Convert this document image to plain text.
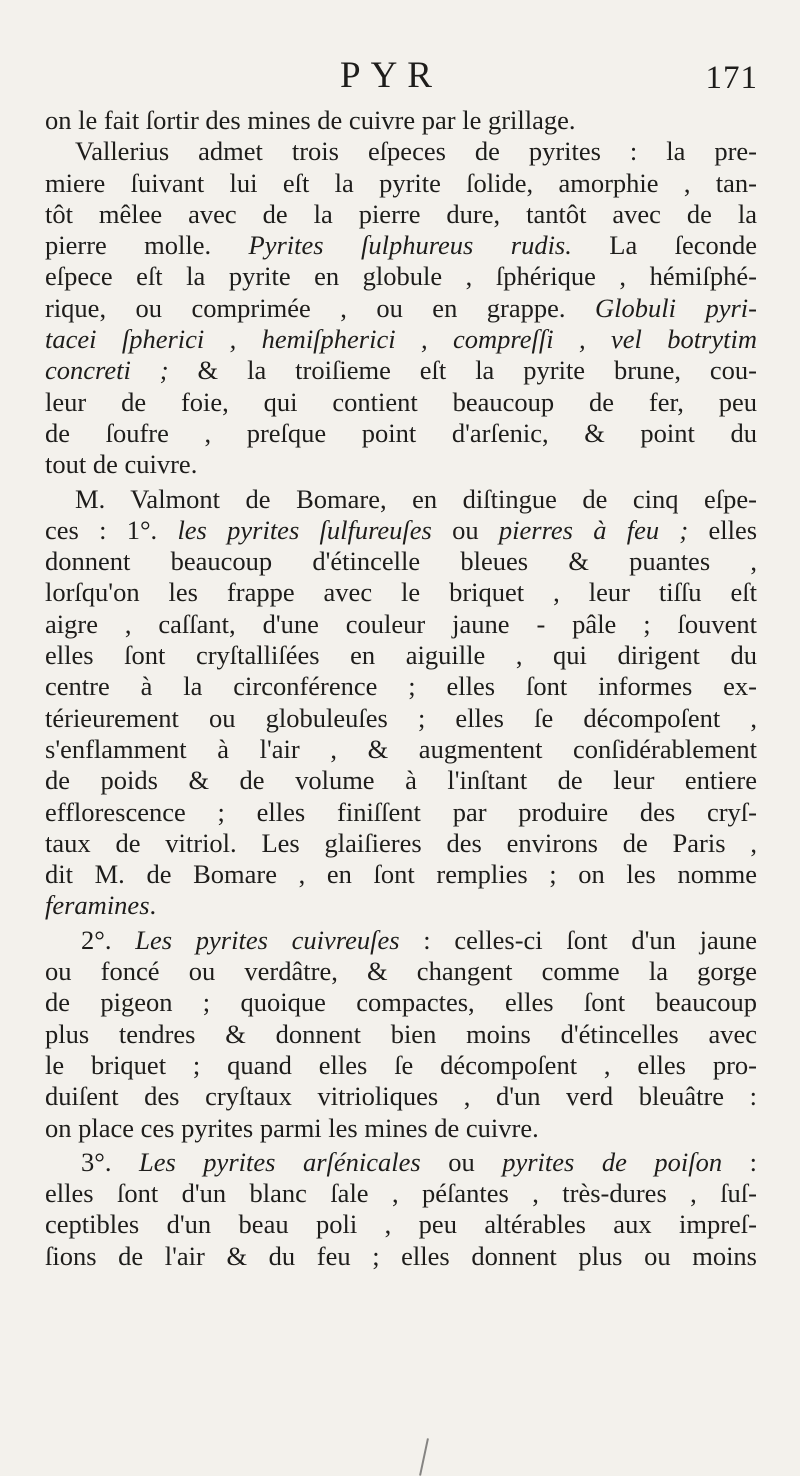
PYR	171
on le fait ſortir des mines de cuivre par le grillage.
Vallerius admet trois eſpeces de pyrites : la pre-
miere ſuivant lui eſt la pyrite ſolide, amorphie , tan-
tôt mêlee avec de la pierre dure, tantôt avec de la
pierre molle. Pyrites ſulphureus rudis. La ſeconde
eſpece eſt la pyrite en globule , ſphérique , hémiſphé-
rique, ou comprimée , ou en grappe. Globuli pyri-
tacei ſpherici , hemiſpherici , compreſſi , vel botrytim
concreti ; & la troiſieme eſt la pyrite brune, cou-
leur de foie, qui contient beaucoup de fer, peu
de ſoufre , preſque point d'arſenic, & point du
tout de cuivre.
M. Valmont de Bomare, en diſtingue de cinq eſpe-
ces : 1°. les pyrites ſulfureuſes ou pierres à feu ; elles
donnent beaucoup d'étincelle bleues & puantes ,
lorſqu'on les frappe avec le briquet , leur tiſſu eſt
aigre , caſſant, d'une couleur jaune - pâle ; ſouvent
elles ſont cryſtalliſées en aiguille , qui dirigent du
centre à la circonférence ; elles ſont informes ex-
térieurement ou globuleuſes ; elles ſe décompoſent ,
s'enflamment à l'air , & augmentent conſidérablement
de poids & de volume à l'inſtant de leur entiere
efflorescence ; elles finiſſent par produire des cryſ-
taux de vitriol. Les glaiſieres des environs de Paris ,
dit M. de Bomare , en ſont remplies ; on les nomme
feramines.
2°. Les pyrites cuivreuſes : celles-ci ſont d'un jaune
ou foncé ou verdâtre, & changent comme la gorge
de pigeon ; quoique compactes, elles ſont beaucoup
plus tendres & donnent bien moins d'étincelles avec
le briquet ; quand elles ſe décompoſent , elles pro-
duiſent des cryſtaux vitrioliques , d'un verd bleuâtre :
on place ces pyrites parmi les mines de cuivre.
3°. Les pyrites arſénicales ou pyrites de poiſon :
elles ſont d'un blanc ſale , péſantes , très-dures , ſuſ-
ceptibles d'un beau poli , peu altérables aux impreſ-
ſions de l'air & du feu ; elles donnent plus ou moins
